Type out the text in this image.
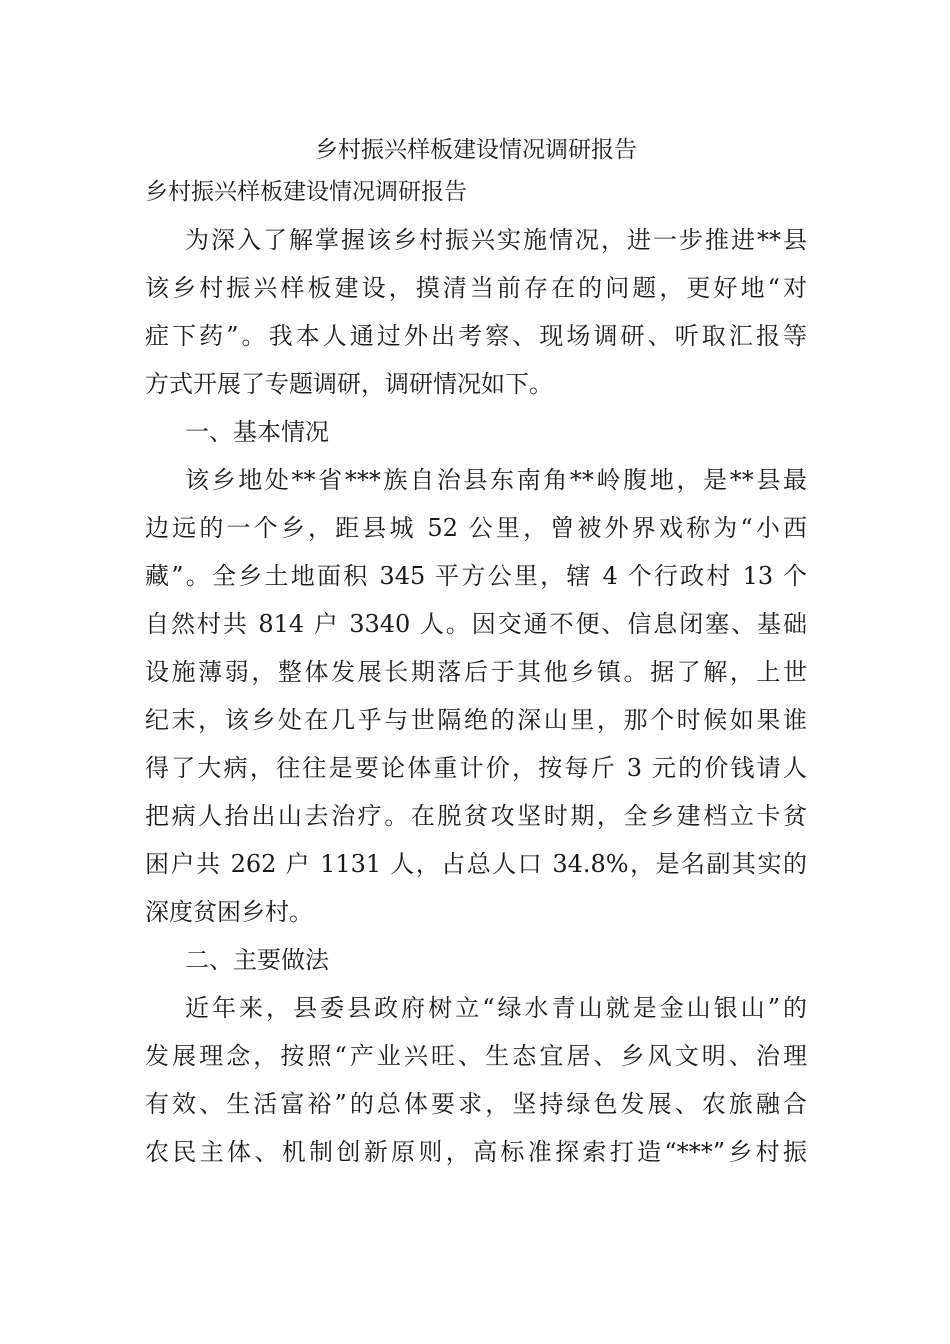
乡村振兴样板建设情况调研报告
乡村振兴样板建设情况调研报告
为深入了解掌握该乡村振兴实施情况，进一步推进**县
该乡村振兴样板建设，摸清当前存在的问题，更好地“对
症下药”。我本人通过外出考察、现场调研、听取汇报等
方式开展了专题调研，调研情况如下。
一、基本情况
该乡地处**省***族自治县东南角**岭腹地，是**县最
边远的一个乡，距县城 52 公里，曾被外界戏称为“小西
藏”。全乡土地面积 345 平方公里，辖 4 个行政村 13 个
自然村共 814 户 3340 人。因交通不便、信息闭塞、基础
设施薄弱，整体发展长期落后于其他乡镇。据了解，上世
纪末，该乡处在几乎与世隔绝的深山里，那个时候如果谁
得了大病，往往是要论体重计价，按每斤 3 元的价钱请人
把病人抬出山去治疗。在脱贫攻坚时期，全乡建档立卡贫
困户共 262 户 1131 人，占总人口 34.8%，是名副其实的
深度贫困乡村。
二、主要做法
近年来，县委县政府树立“绿水青山就是金山银山”的
发展理念，按照“产业兴旺、生态宜居、乡风文明、治理
有效、生活富裕”的总体要求，坚持绿色发展、农旅融合
农民主体、机制创新原则，高标准探索打造“***”乡村振
